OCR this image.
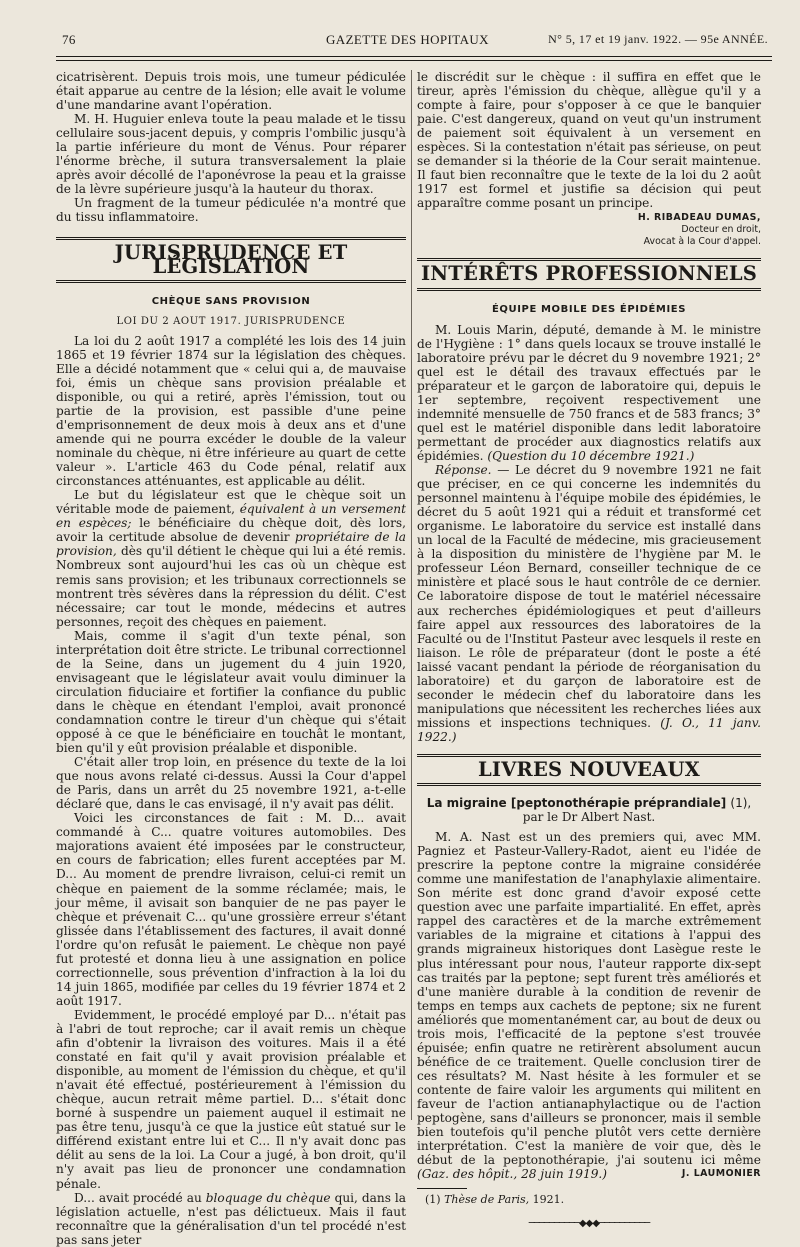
76	GAZETTE DES HOPITAUX	N° 5, 17 et 19 janv. 1922. — 95e ANNÉE.

cicatrisèrent. Depuis trois mois, une tumeur pédiculée était apparue au centre de la lésion; elle avait le volume d'une mandarine avant l'opération.

M. H. Huguier enleva toute la peau malade et le tissu cellulaire sous-jacent depuis, y compris l'ombilic jusqu'à la partie inférieure du mont de Vénus. Pour réparer l'énorme brèche, il sutura transversalement la plaie après avoir décollé de l'aponévrose la peau et la graisse de la lèvre supérieure jusqu'à la hauteur du thorax.

Un fragment de la tumeur pédiculée n'a montré que du tissu inflammatoire.

JURISPRUDENCE ET LÉGISLATION
CHÈQUE SANS PROVISION
LOI DU 2 AOUT 1917. JURISPRUDENCE

La loi du 2 août 1917 a complété les lois des 14 juin 1865 et 19 février 1874 sur la législation des chèques. Elle a décidé notamment que « celui qui a, de mauvaise foi, émis un chèque sans provision préalable et disponible, ou qui a retiré, après l'émission, tout ou partie de la provision, est passible d'une peine d'emprisonnement de deux mois à deux ans et d'une amende qui ne pourra excéder le double de la valeur nominale du chèque, ni être inférieure au quart de cette valeur ». L'article 463 du Code pénal, relatif aux circonstances atténuantes, est applicable au délit.

Le but du législateur est que le chèque soit un véritable mode de paiement, équivalent à un versement en espèces; le bénéficiaire du chèque doit, dès lors, avoir la certitude absolue de devenir propriétaire de la provision, dès qu'il détient le chèque qui lui a été remis. Nombreux sont aujourd'hui les cas où un chèque est remis sans provision; et les tribunaux correctionnels se montrent très sévères dans la répression du délit. C'est nécessaire; car tout le monde, médecins et autres personnes, reçoit des chèques en paiement.

Mais, comme il s'agit d'un texte pénal, son interprétation doit être stricte. Le tribunal correctionnel de la Seine, dans un jugement du 4 juin 1920, envisageant que le législateur avait voulu diminuer la circulation fiduciaire et fortifier la confiance du public dans le chèque en étendant l'emploi, avait prononcé condamnation contre le tireur d'un chèque qui s'était opposé à ce que le bénéficiaire en touchât le montant, bien qu'il y eût provision préalable et disponible.

C'était aller trop loin, en présence du texte de la loi que nous avons relaté ci-dessus. Aussi la Cour d'appel de Paris, dans un arrêt du 25 novembre 1921, a-t-elle déclaré que, dans le cas envisagé, il n'y avait pas délit.

Voici les circonstances de fait : M. D... avait commandé à C... quatre voitures automobiles. Des majorations avaient été imposées par le constructeur, en cours de fabrication; elles furent acceptées par M. D... Au moment de prendre livraison, celui-ci remit un chèque en paiement de la somme réclamée; mais, le jour même, il avisait son banquier de ne pas payer le chèque et prévenait C... qu'une grossière erreur s'étant glissée dans l'établissement des factures, il avait donné l'ordre qu'on refusât le paiement. Le chèque non payé fut protesté et donna lieu à une assignation en police correctionnelle, sous prévention d'infraction à la loi du 14 juin 1865, modifiée par celles du 19 février 1874 et 2 août 1917.

Evidemment, le procédé employé par D... n'était pas à l'abri de tout reproche; car il avait remis un chèque afin d'obtenir la livraison des voitures. Mais il a été constaté en fait qu'il y avait provision préalable et disponible, au moment de l'émission du chèque, et qu'il n'avait été effectué, postérieurement à l'émission du chèque, aucun retrait même partiel. D... s'était donc borné à suspendre un paiement auquel il estimait ne pas être tenu, jusqu'à ce que la justice eût statué sur le différend existant entre lui et C... Il n'y avait donc pas délit au sens de la loi. La Cour a jugé, à bon droit, qu'il n'y avait pas lieu de prononcer une condamnation pénale.

D... avait procédé au bloquage du chèque qui, dans la législation actuelle, n'est pas délictueux. Mais il faut reconnaître que la généralisation d'un tel procédé n'est pas sans jeter

le discrédit sur le chèque : il suffira en effet que le tireur, après l'émission du chèque, allègue qu'il y a compte à faire, pour s'opposer à ce que le banquier paie. C'est dangereux, quand on veut qu'un instrument de paiement soit équivalent à un versement en espèces. Si la contestation n'était pas sérieuse, on peut se demander si la théorie de la Cour serait maintenue. Il faut bien reconnaître que le texte de la loi du 2 août 1917 est formel et justifie sa décision qui peut apparaître comme posant un principe.

H. RIBADEAU DUMAS,
Docteur en droit,
Avocat à la Cour d'appel.
INTÉRÊTS PROFESSIONNELS
ÉQUIPE MOBILE DES ÉPIDÉMIES

M. Louis Marin, député, demande à M. le ministre de l'Hygiène : 1° dans quels locaux se trouve installé le laboratoire prévu par le décret du 9 novembre 1921; 2° quel est le détail des travaux effectués par le préparateur et le garçon de laboratoire qui, depuis le 1er septembre, reçoivent respectivement une indemnité mensuelle de 750 francs et de 583 francs; 3° quel est le matériel disponible dans ledit laboratoire permettant de procéder aux diagnostics relatifs aux épidémies. (Question du 10 décembre 1921.)

Réponse. — Le décret du 9 novembre 1921 ne fait que préciser, en ce qui concerne les indemnités du personnel maintenu à l'équipe mobile des épidémies, le décret du 5 août 1921 qui a réduit et transformé cet organisme. Le laboratoire du service est installé dans un local de la Faculté de médecine, mis gracieusement à la disposition du ministère de l'hygiène par M. le professeur Léon Bernard, conseiller technique de ce ministère et placé sous le haut contrôle de ce dernier. Ce laboratoire dispose de tout le matériel nécessaire aux recherches épidémiologiques et peut d'ailleurs faire appel aux ressources des laboratoires de la Faculté ou de l'Institut Pasteur avec lesquels il reste en liaison. Le rôle de préparateur (dont le poste a été laissé vacant pendant la période de réorganisation du laboratoire) et du garçon de laboratoire est de seconder le médecin chef du laboratoire dans les manipulations que nécessitent les recherches liées aux missions et inspections techniques. (J. O., 11 janv. 1922.)

LIVRES NOUVEAUX
La migraine [peptonothérapie préprandiale] (1),
par le Dr Albert Nast.

M. A. Nast est un des premiers qui, avec MM. Pagniez et Pasteur-Vallery-Radot, aient eu l'idée de prescrire la peptone contre la migraine considérée comme une manifestation de l'anaphylaxie alimentaire. Son mérite est donc grand d'avoir exposé cette question avec une parfaite impartialité. En effet, après rappel des caractères et de la marche extrêmement variables de la migraine et citations à l'appui des grands migraineux historiques dont Lasègue reste le plus intéressant pour nous, l'auteur rapporte dix-sept cas traités par la peptone; sept furent très améliorés et d'une manière durable à la condition de revenir de temps en temps aux cachets de peptone; six ne furent améliorés que momentanément car, au bout de deux ou trois mois, l'efficacité de la peptone s'est trouvée épuisée; enfin quatre ne retirèrent absolument aucun bénéfice de ce traitement. Quelle conclusion tirer de ces résultats? M. Nast hésite à les formuler et se contente de faire valoir les arguments qui militent en faveur de l'action antianaphylactique ou de l'action peptogène, sans d'ailleurs se prononcer, mais il semble bien toutefois qu'il penche plutôt vers cette dernière interprétation. C'est la manière de voir que, dès le début de la peptonothérapie, j'ai soutenu ici même (Gaz. des hôpit., 28 juin 1919.)	J. LAUMONIER
(1) Thèse de Paris, 1921.
──────────◆◆◆──────────
